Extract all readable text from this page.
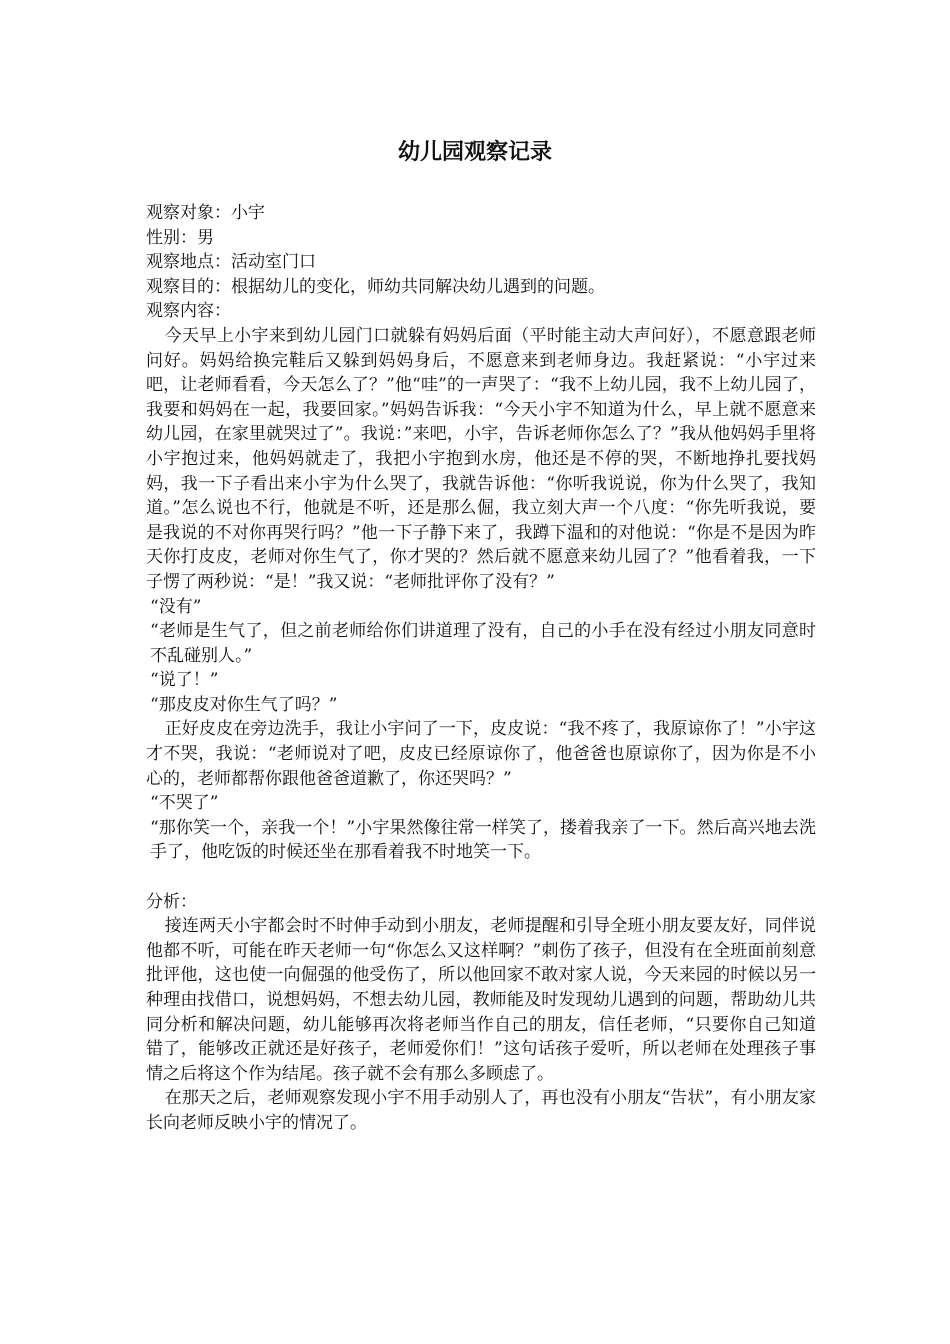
幼儿园观察记录

观察对象：小宇

性别：男

观察地点：活动室门口

观察目的：根据幼儿的变化，师幼共同解决幼儿遇到的问题。

观察内容：

今天早上小宇来到幼儿园门口就躲有妈妈后面（平时能主动大声问好），不愿意跟老师问好。妈妈给换完鞋后又躲到妈妈身后，不愿意来到老师身边。我赶紧说：“小宇过来吧，让老师看看，今天怎么了？”他“哇”的一声哭了：“我不上幼儿园，我不上幼儿园了，我要和妈妈在一起，我要回家。”妈妈告诉我：“今天小宇不知道为什么，早上就不愿意来幼儿园，在家里就哭过了”。我说：”来吧，小宇，告诉老师你怎么了？”我从他妈妈手里将小宇抱过来，他妈妈就走了，我把小宇抱到水房，他还是不停的哭，不断地挣扎要找妈妈，我一下子看出来小宇为什么哭了，我就告诉他：“你听我说说，你为什么哭了，我知道。”怎么说也不行，他就是不听，还是那么倔，我立刻大声一个八度：“你先听我说，要是我说的不对你再哭行吗？”他一下子静下来了，我蹲下温和的对他说：“你是不是因为昨天你打皮皮，老师对你生气了，你才哭的？然后就不愿意来幼儿园了？”他看着我，一下子愣了两秒说：“是！”我又说：“老师批评你了没有？”

“没有”

“老师是生气了，但之前老师给你们讲道理了没有，自己的小手在没有经过小朋友同意时不乱碰别人。”

“说了！”

“那皮皮对你生气了吗？”

正好皮皮在旁边洗手，我让小宇问了一下，皮皮说：“我不疼了，我原谅你了！”小宇这才不哭，我说：“老师说对了吧，皮皮已经原谅你了，他爸爸也原谅你了，因为你是不小心的，老师都帮你跟他爸爸道歉了，你还哭吗？”

“不哭了”

“那你笑一个，亲我一个！”小宇果然像往常一样笑了，搂着我亲了一下。然后高兴地去洗手了，他吃饭的时候还坐在那看着我不时地笑一下。

分析：

接连两天小宇都会时不时伸手动到小朋友，老师提醒和引导全班小朋友要友好，同伴说他都不听，可能在昨天老师一句“你怎么又这样啊？”刺伤了孩子，但没有在全班面前刻意批评他，这也使一向倔强的他受伤了，所以他回家不敢对家人说，今天来园的时候以另一种理由找借口，说想妈妈，不想去幼儿园，教师能及时发现幼儿遇到的问题，帮助幼儿共同分析和解决问题，幼儿能够再次将老师当作自己的朋友，信任老师，“只要你自己知道错了，能够改正就还是好孩子，老师爱你们！”这句话孩子爱听，所以老师在处理孩子事情之后将这个作为结尾。孩子就不会有那么多顾虑了。

在那天之后，老师观察发现小宇不用手动别人了，再也没有小朋友“告状”，有小朋友家长向老师反映小宇的情况了。
